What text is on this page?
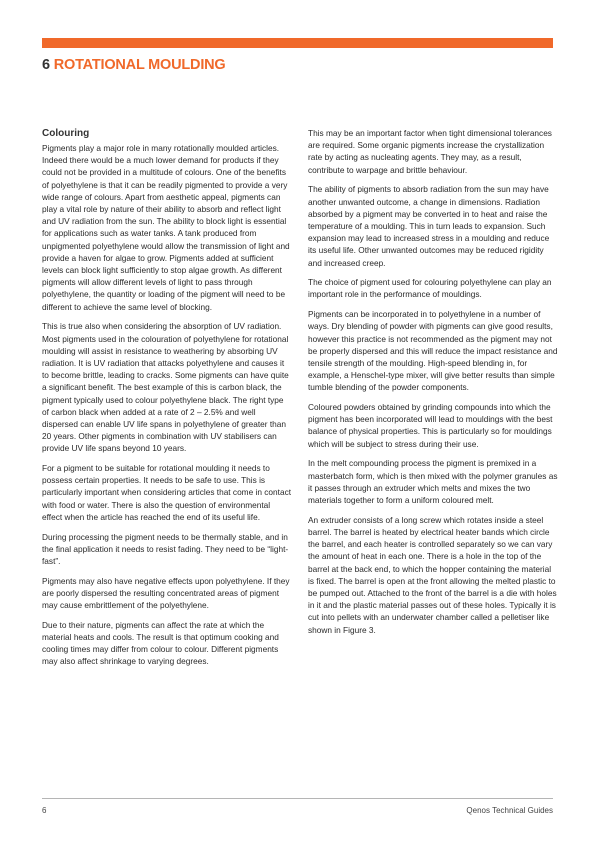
6 ROTATIONAL MOULDING
Colouring

Pigments play a major role in many rotationally moulded articles. Indeed there would be a much lower demand for products if they could not be provided in a multitude of colours. One of the benefits of polyethylene is that it can be readily pigmented to provide a very wide range of colours. Apart from aesthetic appeal, pigments can play a vital role by nature of their ability to absorb and reflect light and UV radiation from the sun. The ability to block light is essential for applications such as water tanks. A tank produced from unpigmented polyethylene would allow the transmission of light and provide a haven for algae to grow. Pigments added at sufficient levels can block light sufficiently to stop algae growth. As different pigments will allow different levels of light to pass through polyethylene, the quantity or loading of the pigment will need to be different to achieve the same level of blocking.

This is true also when considering the absorption of UV radiation. Most pigments used in the colouration of polyethylene for rotational moulding will assist in resistance to weathering by absorbing UV radiation. It is UV radiation that attacks polyethylene and causes it to become brittle, leading to cracks. Some pigments can have quite a significant benefit. The best example of this is carbon black, the pigment typically used to colour polyethylene black. The right type of carbon black when added at a rate of 2 – 2.5% and well dispersed can enable UV life spans in polyethylene of greater than 20 years. Other pigments in combination with UV stabilisers can provide UV life spans beyond 10 years.

For a pigment to be suitable for rotational moulding it needs to possess certain properties. It needs to be safe to use. This is particularly important when considering articles that come in contact with food or water. There is also the question of environmental effect when the article has reached the end of its useful life.

During processing the pigment needs to be thermally stable, and in the final application it needs to resist fading. They need to be “light-fast”.

Pigments may also have negative effects upon polyethylene. If they are poorly dispersed the resulting concentrated areas of pigment may cause embrittlement of the polyethylene.

Due to their nature, pigments can affect the rate at which the material heats and cools. The result is that optimum cooking and cooling times may differ from colour to colour. Different pigments may also affect shrinkage to varying degrees.

This may be an important factor when tight dimensional tolerances are required. Some organic pigments increase the crystallization rate by acting as nucleating agents. They may, as a result, contribute to warpage and brittle behaviour.

The ability of pigments to absorb radiation from the sun may have another unwanted outcome, a change in dimensions. Radiation absorbed by a pigment may be converted in to heat and raise the temperature of a moulding. This in turn leads to expansion. Such expansion may lead to increased stress in a moulding and reduce its useful life. Other unwanted outcomes may be reduced rigidity and increased creep.

The choice of pigment used for colouring polyethylene can play an important role in the performance of mouldings.

Pigments can be incorporated in to polyethylene in a number of ways. Dry blending of powder with pigments can give good results, however this practice is not recommended as the pigment may not be properly dispersed and this will reduce the impact resistance and tensile strength of the moulding. High-speed blending in, for example, a Henschel-type mixer, will give better results than simple tumble blending of the powder components.

Coloured powders obtained by grinding compounds into which the pigment has been incorporated will lead to mouldings with the best balance of physical properties. This is particularly so for mouldings which will be subject to stress during their use.

In the melt compounding process the pigment is premixed in a masterbatch form, which is then mixed with the polymer granules as it passes through an extruder which melts and mixes the two materials together to form a uniform coloured melt.

An extruder consists of a long screw which rotates inside a steel barrel. The barrel is heated by electrical heater bands which circle the barrel, and each heater is controlled separately so we can vary the amount of heat in each one. There is a hole in the top of the barrel at the back end, to which the hopper containing the material is fixed. The barrel is open at the front allowing the melted plastic to be pumped out. Attached to the front of the barrel is a die with holes in it and the plastic material passes out of these holes. Typically it is cut into pellets with an underwater chamber called a pelletiser like shown in Figure 3.

6	Qenos Technical Guides
